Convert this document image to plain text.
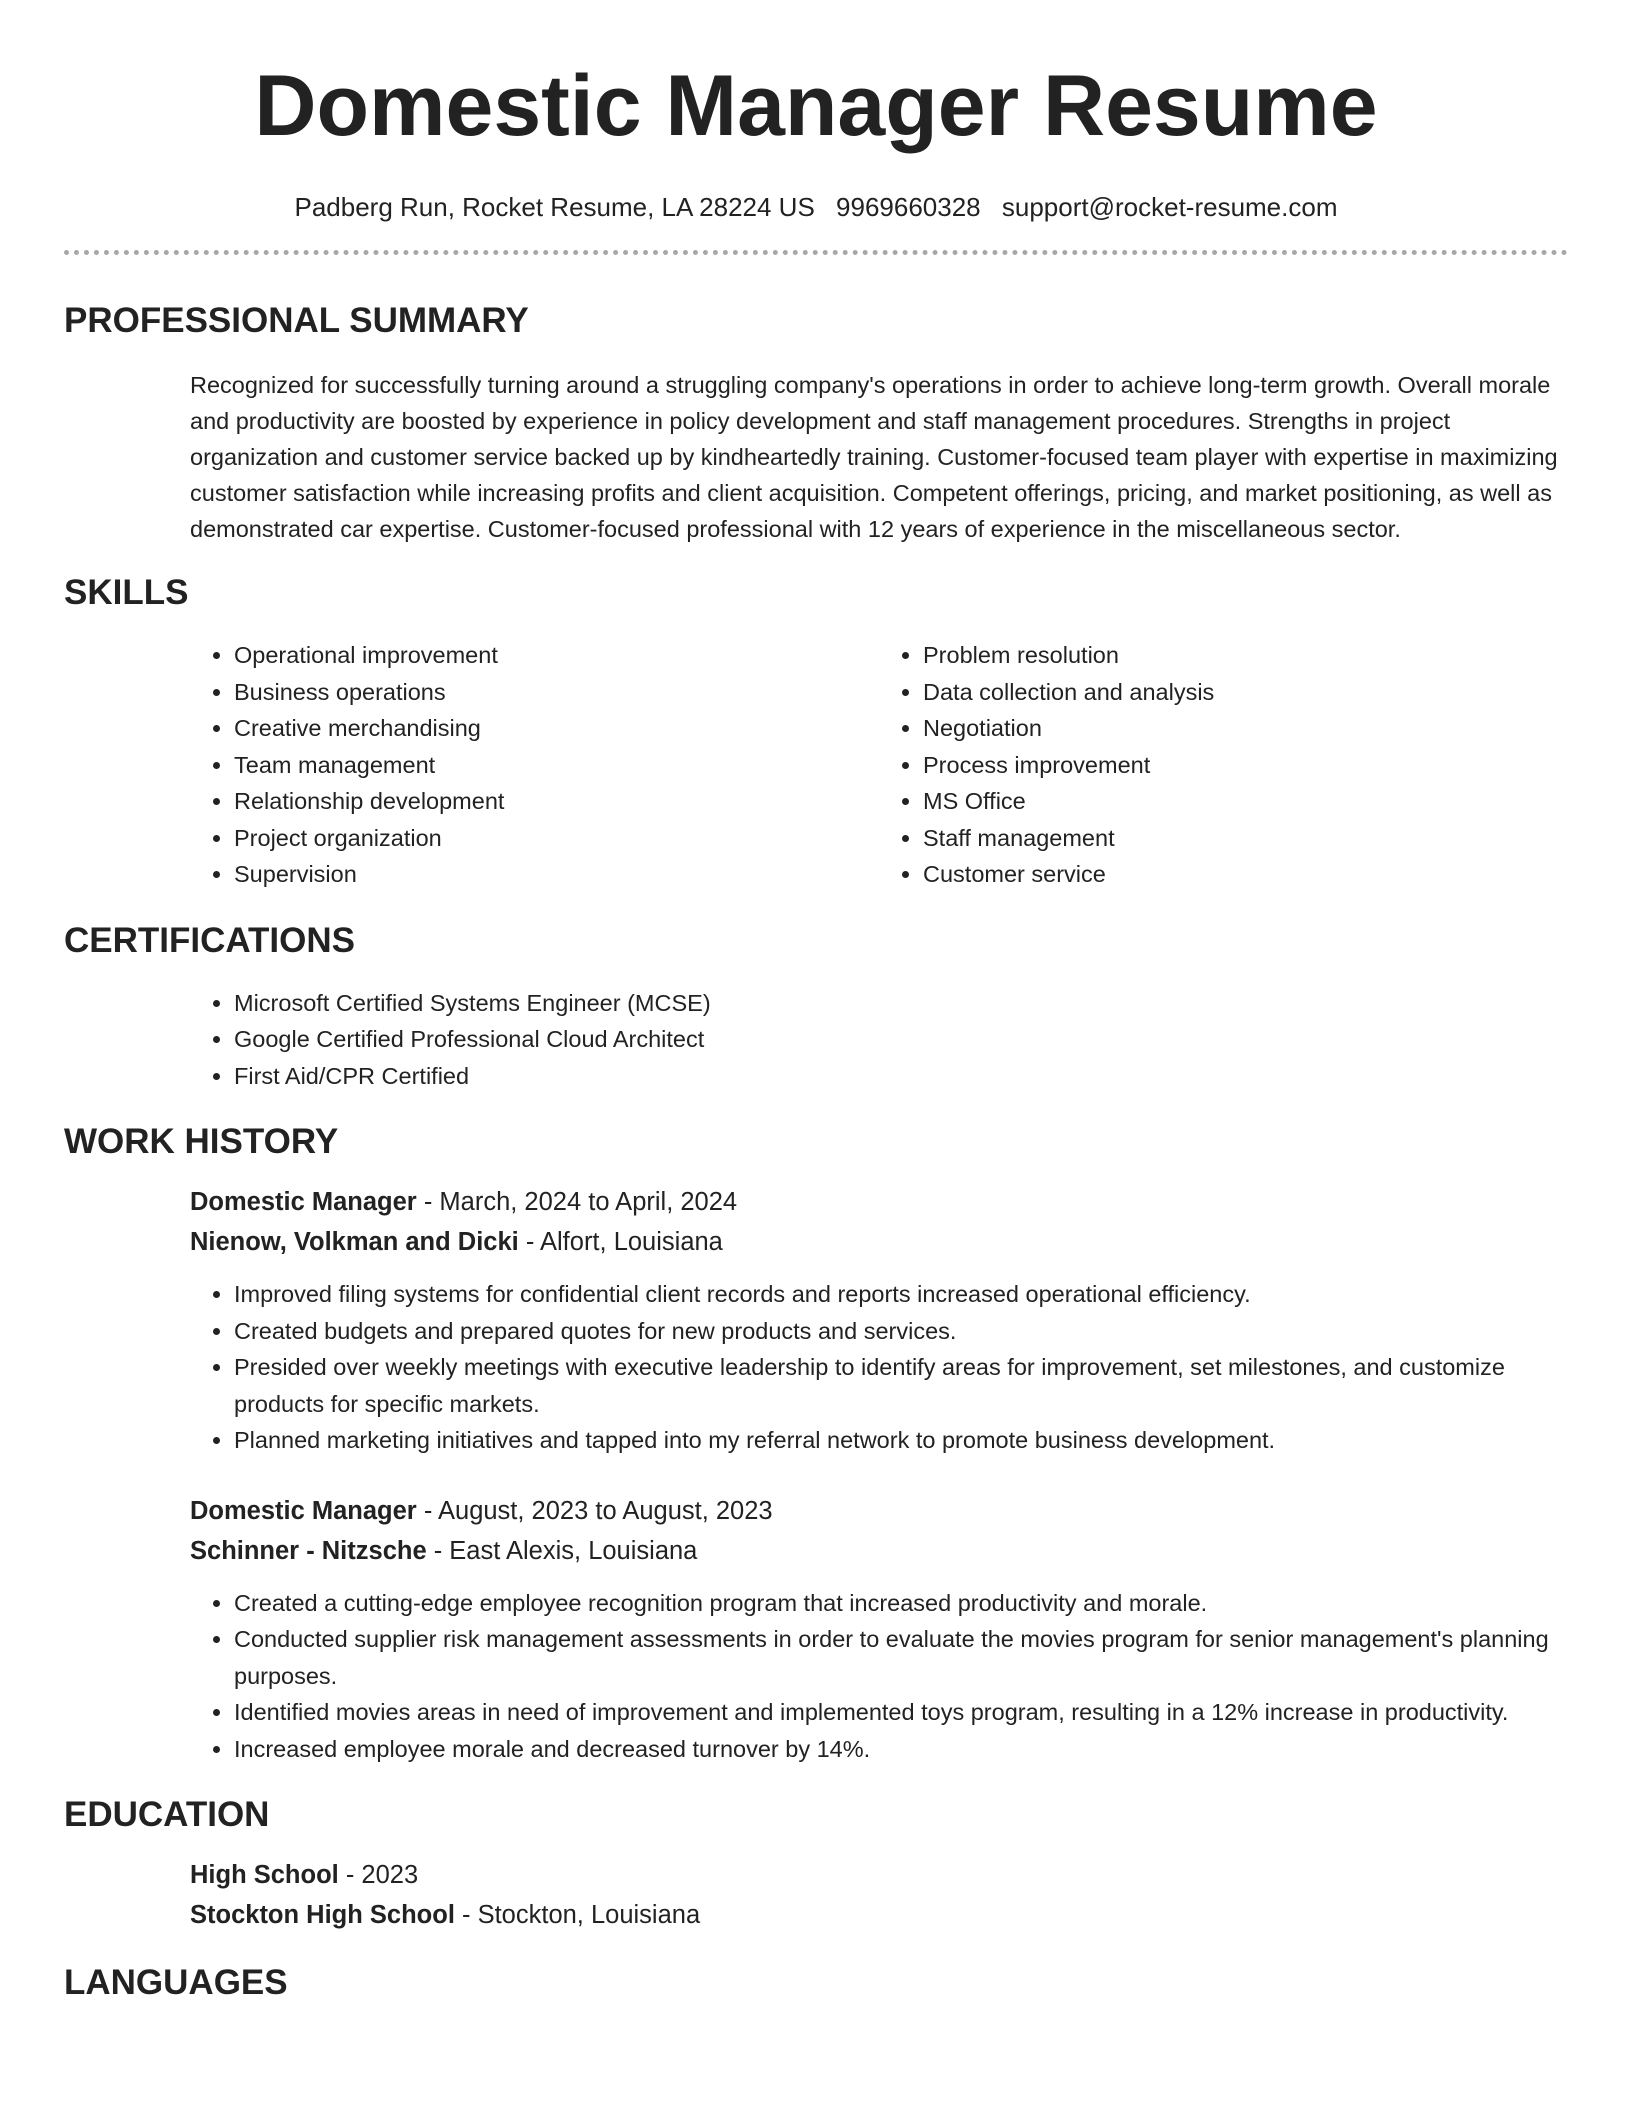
Domestic Manager Resume
Padberg Run, Rocket Resume, LA 28224 US 9969660328 support@rocket-resume.com
PROFESSIONAL SUMMARY

Recognized for successfully turning around a struggling company's operations in order to achieve long-term growth. Overall morale and productivity are boosted by experience in policy development and staff management procedures. Strengths in project organization and customer service backed up by kindheartedly training. Customer-focused team player with expertise in maximizing customer satisfaction while increasing profits and client acquisition. Competent offerings, pricing, and market positioning, as well as demonstrated car expertise. Customer-focused professional with 12 years of experience in the miscellaneous sector.

SKILLS
• Operational improvement
• Business operations
• Creative merchandising
• Team management
• Relationship development
• Project organization
• Supervision
• Problem resolution
• Data collection and analysis
• Negotiation
• Process improvement
• MS Office
• Staff management
• Customer service
CERTIFICATIONS
• Microsoft Certified Systems Engineer (MCSE)
• Google Certified Professional Cloud Architect
• First Aid/CPR Certified
WORK HISTORY
Domestic Manager - March, 2024 to April, 2024
Nienow, Volkman and Dicki - Alfort, Louisiana
• Improved filing systems for confidential client records and reports increased operational efficiency.
• Created budgets and prepared quotes for new products and services.
• Presided over weekly meetings with executive leadership to identify areas for improvement, set milestones, and customize products for specific markets.
• Planned marketing initiatives and tapped into my referral network to promote business development.
Domestic Manager - August, 2023 to August, 2023
Schinner - Nitzsche - East Alexis, Louisiana
• Created a cutting-edge employee recognition program that increased productivity and morale.
• Conducted supplier risk management assessments in order to evaluate the movies program for senior management's planning purposes.
• Identified movies areas in need of improvement and implemented toys program, resulting in a 12% increase in productivity.
• Increased employee morale and decreased turnover by 14%.
EDUCATION
High School - 2023
Stockton High School - Stockton, Louisiana
LANGUAGES
